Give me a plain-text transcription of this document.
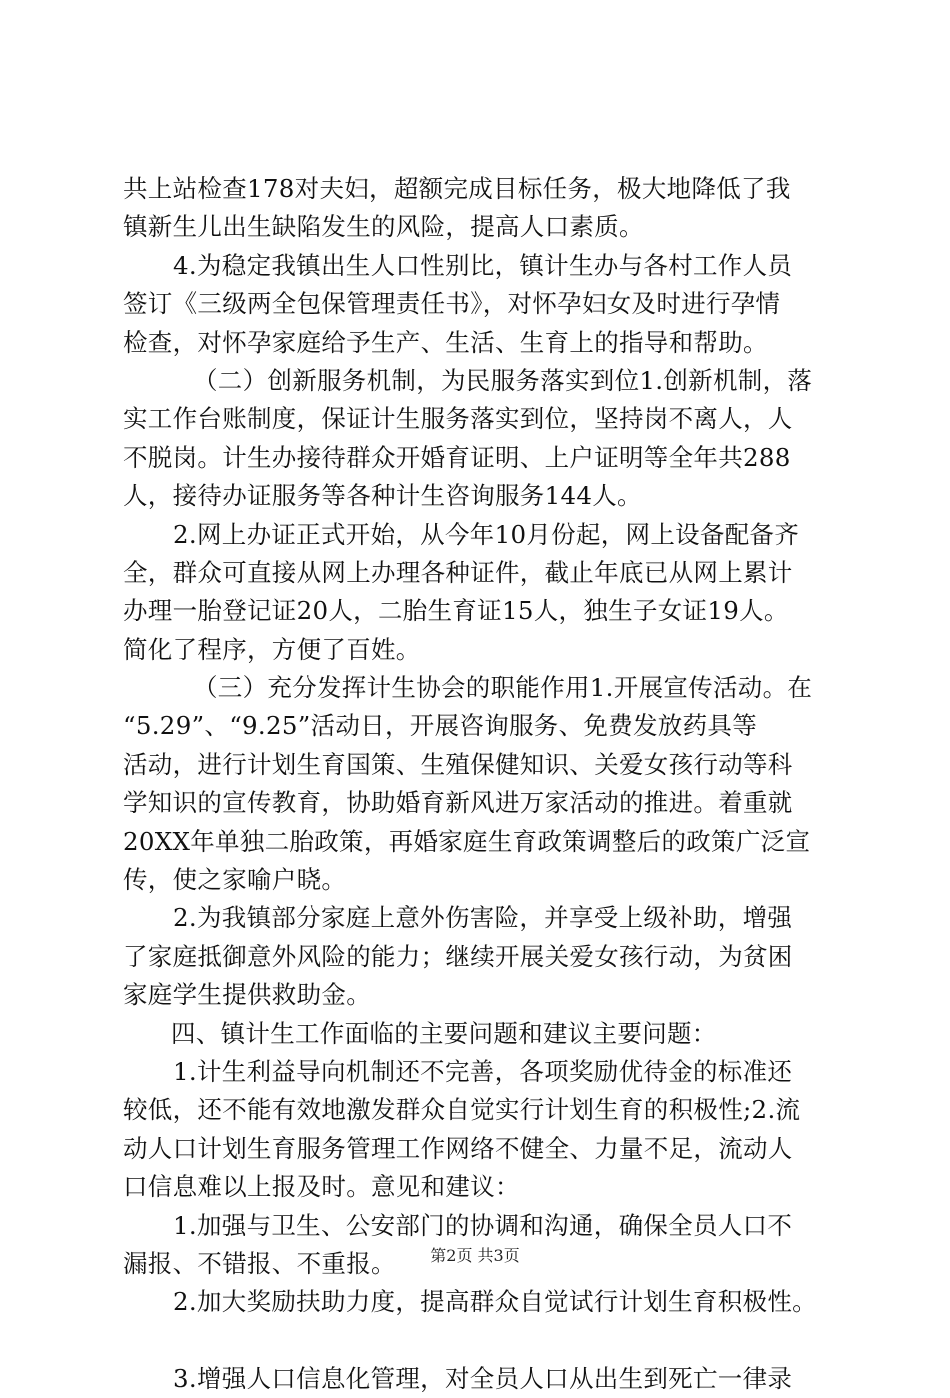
共上站检查178对夫妇，超额完成目标任务，极大地降低了我
镇新生儿出生缺陷发生的风险，提高人口素质。
4.为稳定我镇出生人口性别比，镇计生办与各村工作人员
签订《三级两全包保管理责任书》，对怀孕妇女及时进行孕情
检查，对怀孕家庭给予生产、生活、生育上的指导和帮助。
（二）创新服务机制，为民服务落实到位1.创新机制，落
实工作台账制度，保证计生服务落实到位，坚持岗不离人，人
不脱岗。计生办接待群众开婚育证明、上户证明等全年共288
人，接待办证服务等各种计生咨询服务144人。
2.网上办证正式开始，从今年10月份起，网上设备配备齐
全，群众可直接从网上办理各种证件，截止年底已从网上累计
办理一胎登记证20人，二胎生育证15人，独生子女证19人。
简化了程序，方便了百姓。
（三）充分发挥计生协会的职能作用1.开展宣传活动。在
“5.29”、“9.25”活动日，开展咨询服务、免费发放药具等
活动，进行计划生育国策、生殖保健知识、关爱女孩行动等科
学知识的宣传教育，协助婚育新风进万家活动的推进。着重就
20XX年单独二胎政策，再婚家庭生育政策调整后的政策广泛宣
传，使之家喻户晓。
2.为我镇部分家庭上意外伤害险，并享受上级补助，增强
了家庭抵御意外风险的能力；继续开展关爱女孩行动，为贫困
家庭学生提供救助金。
四、镇计生工作面临的主要问题和建议主要问题：
1.计生利益导向机制还不完善，各项奖励优待金的标准还
较低，还不能有效地激发群众自觉实行计划生育的积极性;2.流
动人口计划生育服务管理工作网络不健全、力量不足，流动人
口信息难以上报及时。意见和建议：
1.加强与卫生、公安部门的协调和沟通，确保全员人口不
漏报、不错报、不重报。
2.加大奖励扶助力度，提高群众自觉试行计划生育积极性。
3.增强人口信息化管理，对全员人口从出生到死亡一律录
第2页 共3页
